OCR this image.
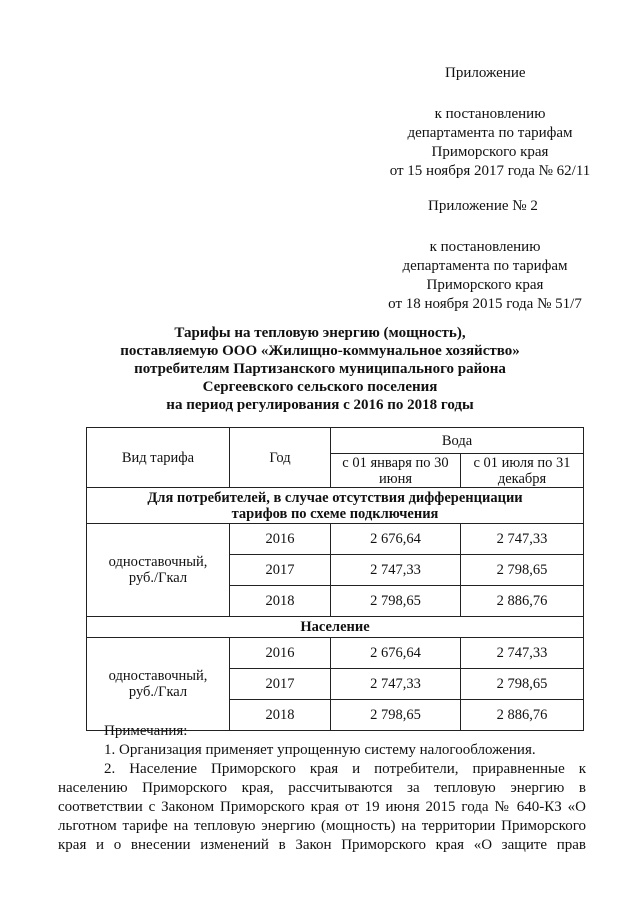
Приложение
к постановлению
департамента по тарифам
Приморского края
от 15 ноября 2017 года № 62/11
Приложение № 2
к постановлению
департамента по тарифам
Приморского края
от 18 ноября 2015 года № 51/7
Тарифы на тепловую энергию (мощность),
поставляемую ООО «Жилищно-коммунальное хозяйство»
потребителям Партизанского муниципального района
Сергеевского сельского поселения
на период регулирования с 2016 по 2018 годы
Вид тарифа	Год	Вода	
		с 01 января по 30 июня	с 01 июля по 31 декабря
Для потребителей, в случае отсутствия дифференциации тарифов по схеме подключения			
одноставочный, руб./Гкал	2016	2 676,64	2 747,33
	2017	2 747,33	2 798,65
	2018	2 798,65	2 886,76
Население			
одноставочный, руб./Гкал	2016	2 676,64	2 747,33
	2017	2 747,33	2 798,65
	2018	2 798,65	2 886,76
Примечания:
1. Организация применяет упрощенную систему налогообложения.
2. Население Приморского края и потребители, приравненные к
населению Приморского края, рассчитываются за тепловую энергию в
соответствии с Законом Приморского края от 19 июня 2015 года № 640-КЗ «О
льготном тарифе на тепловую энергию (мощность) на территории Приморского
края и о внесении изменений в Закон Приморского края «О защите прав
